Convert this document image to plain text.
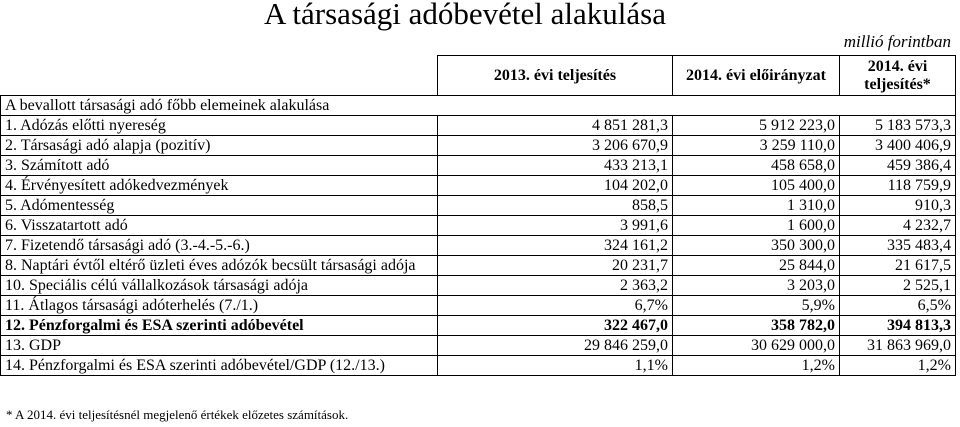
A társasági adóbevétel alakulása
millió forintban
	2013. évi teljesítés	2014. évi előirányzat	2014. évi teljesítés*
A bevallott társasági adó főbb elemeinek alakulása			
1. Adózás előtti nyereség	4 851 281,3	5 912 223,0	5 183 573,3
2. Társasági adó alapja (pozitív)	3 206 670,9	3 259 110,0	3 400 406,9
3. Számított adó	433 213,1	458 658,0	459 386,4
4. Érvényesített adókedvezmények	104 202,0	105 400,0	118 759,9
5. Adómentesség	858,5	1 310,0	910,3
6. Visszatartott adó	3 991,6	1 600,0	4 232,7
7. Fizetendő társasági adó (3.-4.-5.-6.)	324 161,2	350 300,0	335 483,4
8. Naptári évtől eltérő üzleti éves adózók becsült társasági adója	20 231,7	25 844,0	21 617,5
10. Speciális célú vállalkozások társasági adója	2 363,2	3 203,0	2 525,1
11. Átlagos társasági adóterhelés (7./1.)	6,7%	5,9%	6,5%
12. Pénzforgalmi és ESA szerinti adóbevétel	322 467,0	358 782,0	394 813,3
13. GDP	29 846 259,0	30 629 000,0	31 863 969,0
14. Pénzforgalmi és ESA szerinti adóbevétel/GDP (12./13.)	1,1%	1,2%	1,2%
* A 2014. évi teljesítésnél megjelenő értékek előzetes számítások.
